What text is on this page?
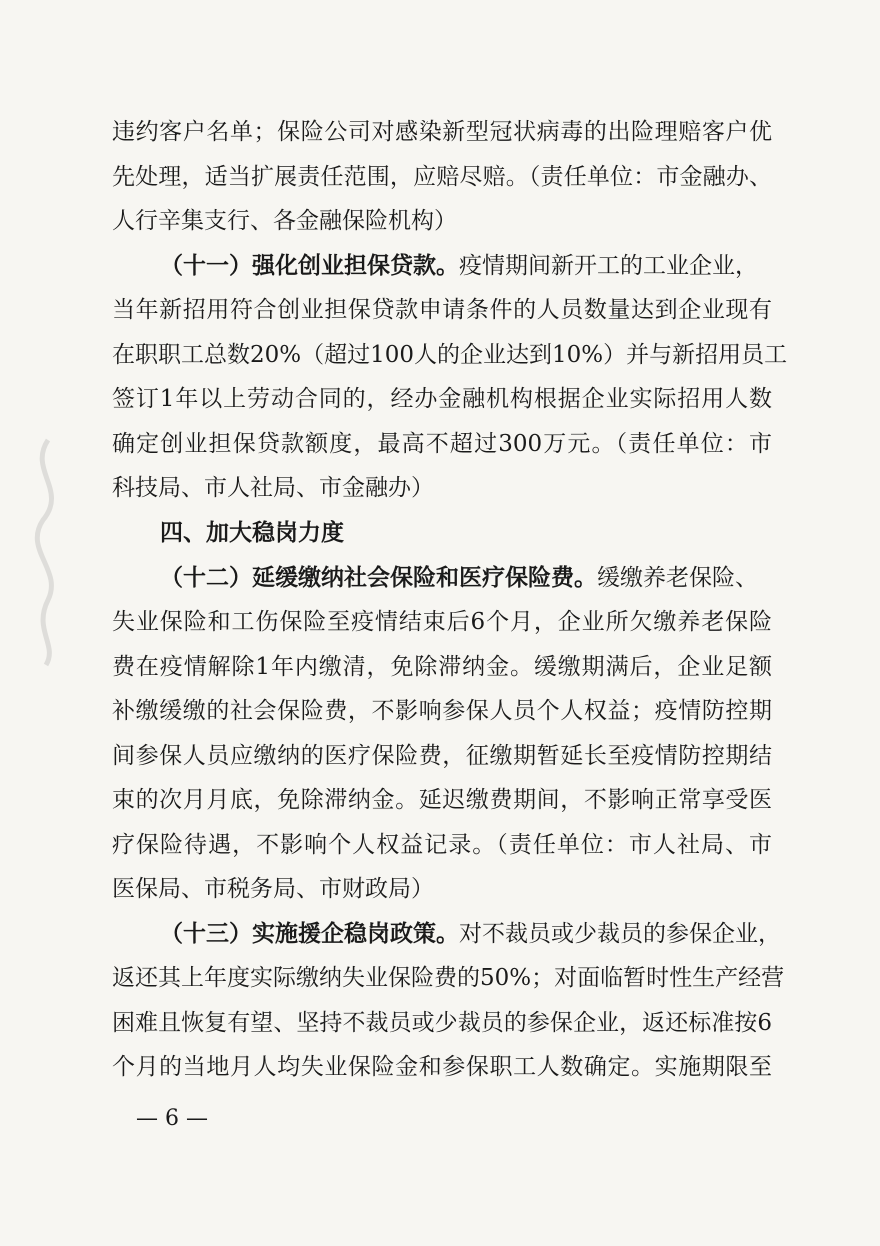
违约客户名单；保险公司对感染新型冠状病毒的出险理赔客户优
先处理，适当扩展责任范围，应赔尽赔。（责任单位：市金融办、
人行辛集支行、各金融保险机构）
（十一）强化创业担保贷款。疫情期间新开工的工业企业，
当年新招用符合创业担保贷款申请条件的人员数量达到企业现有
在职职工总数20%（超过100人的企业达到10%）并与新招用员工
签订1年以上劳动合同的，经办金融机构根据企业实际招用人数
确定创业担保贷款额度，最高不超过300万元。（责任单位：市
科技局、市人社局、市金融办）
四、加大稳岗力度
（十二）延缓缴纳社会保险和医疗保险费。缓缴养老保险、
失业保险和工伤保险至疫情结束后6个月，企业所欠缴养老保险
费在疫情解除1年内缴清，免除滞纳金。缓缴期满后，企业足额
补缴缓缴的社会保险费，不影响参保人员个人权益；疫情防控期
间参保人员应缴纳的医疗保险费，征缴期暂延长至疫情防控期结
束的次月月底，免除滞纳金。延迟缴费期间，不影响正常享受医
疗保险待遇，不影响个人权益记录。（责任单位：市人社局、市
医保局、市税务局、市财政局）
（十三）实施援企稳岗政策。对不裁员或少裁员的参保企业，
返还其上年度实际缴纳失业保险费的50%；对面临暂时性生产经营
困难且恢复有望、坚持不裁员或少裁员的参保企业，返还标准按6
个月的当地月人均失业保险金和参保职工人数确定。实施期限至
— 6 —
